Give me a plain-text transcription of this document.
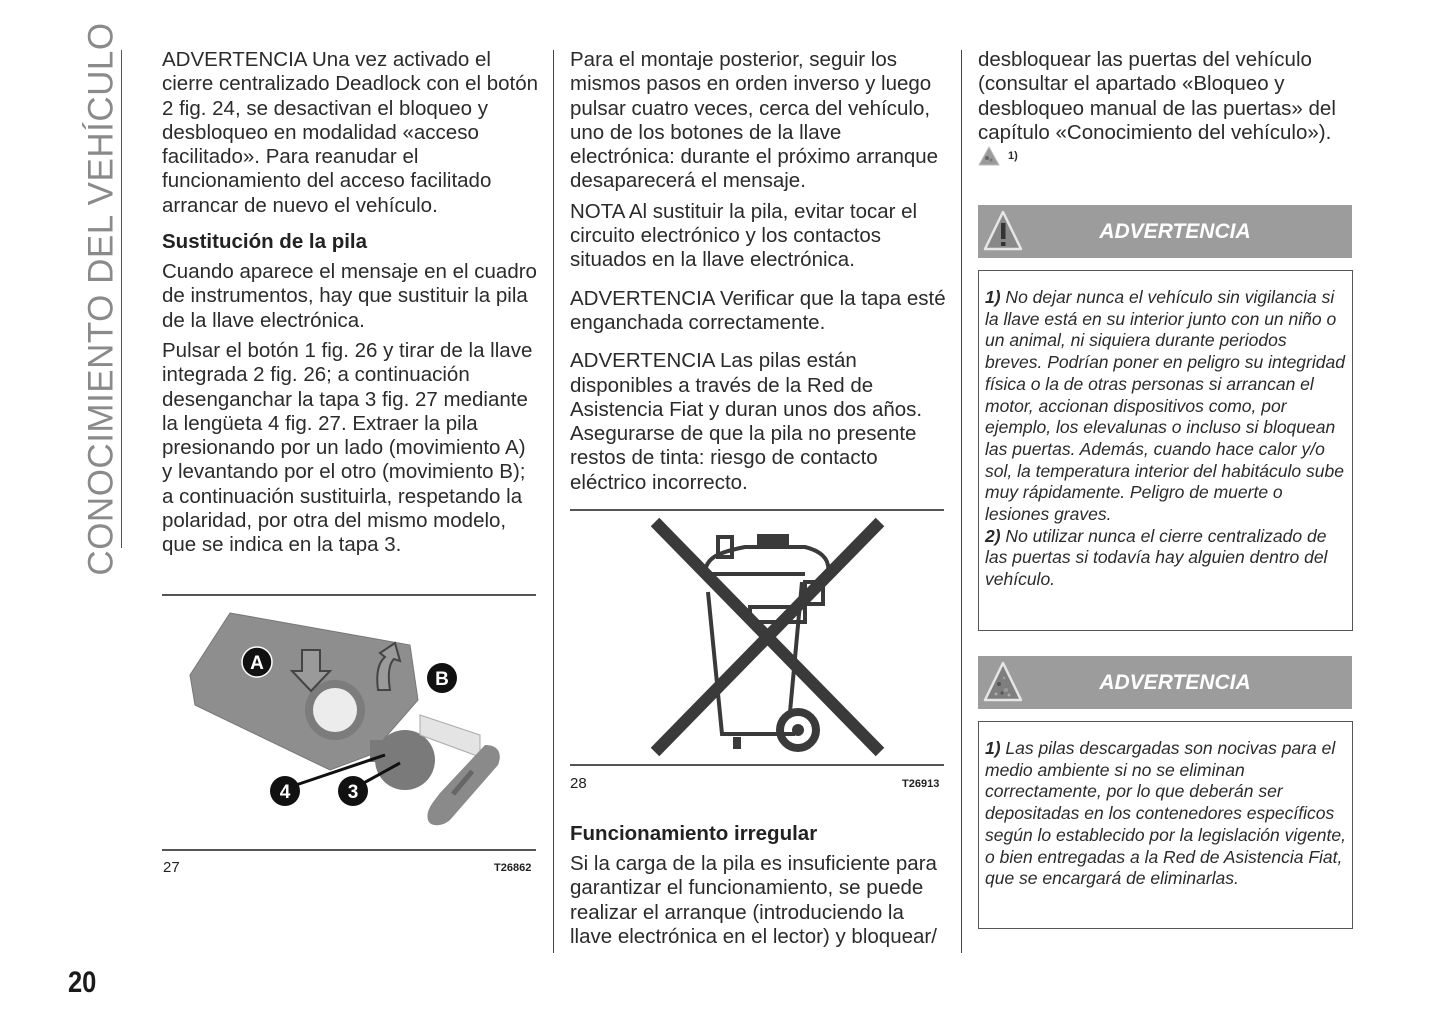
CONOCIMIENTO DEL VEHÍCULO ADVERTENCIA Una vez activado el cierre centralizado Deadlock con el botón 2 fig. 24, se desactivan el bloqueo y desbloqueo en modalidad «acceso facilitado». Para reanudar el funcionamiento del acceso facilitado arrancar de nuevo el vehículo.

Sustitución de la pila

Cuando aparece el mensaje en el cuadro de instrumentos, hay que sustituir la pila de la llave electrónica.

Pulsar el botón 1 fig. 26 y tirar de la llave integrada 2 fig. 26; a continuación desenganchar la tapa 3 fig. 27 mediante la lengüeta 4 fig. 27. Extraer la pila presionando por un lado (movimiento A) y levantando por el otro (movimiento B); a continuación sustituirla, respetando la polaridad, por otra del mismo modelo, que se indica en la tapa 3.

A
B
4	3
27	T26862

Para el montaje posterior, seguir los mismos pasos en orden inverso y luego pulsar cuatro veces, cerca del vehículo, uno de los botones de la llave electrónica: durante el próximo arranque desaparecerá el mensaje.

NOTA Al sustituir la pila, evitar tocar el circuito electrónico y los contactos situados en la llave electrónica.

ADVERTENCIA Verificar que la tapa esté enganchada correctamente.

ADVERTENCIA Las pilas están disponibles a través de la Red de Asistencia Fiat y duran unos dos años. Asegurarse de que la pila no presente restos de tinta: riesgo de contacto eléctrico incorrecto.

28	T26913
Funcionamiento irregular

Si la carga de la pila es insuficiente para garantizar el funcionamiento, se puede realizar el arranque (introduciendo la llave electrónica en el lector) y bloquear/

desbloquear las puertas del vehículo (consultar el apartado «Bloqueo y desbloqueo manual de las puertas» del capítulo «Conocimiento del vehículo»).

1)
ADVERTENCIA
1) No dejar nunca el vehículo sin vigilancia si la llave está en su interior junto con un niño o un animal, ni siquiera durante periodos breves. Podrían poner en peligro su integridad física o la de otras personas si arrancan el motor, accionan dispositivos como, por ejemplo, los elevalunas o incluso si bloquean las puertas. Además, cuando hace calor y/o sol, la temperatura interior del habitáculo sube muy rápidamente. Peligro de muerte o lesiones graves.
2) No utilizar nunca el cierre centralizado de las puertas si todavía hay alguien dentro del vehículo.
ADVERTENCIA
1) Las pilas descargadas son nocivas para el medio ambiente si no se eliminan correctamente, por lo que deberán ser depositadas en los contenedores específicos según lo establecido por la legislación vigente, o bien entregadas a la Red de Asistencia Fiat, que se encargará de eliminarlas.
20
